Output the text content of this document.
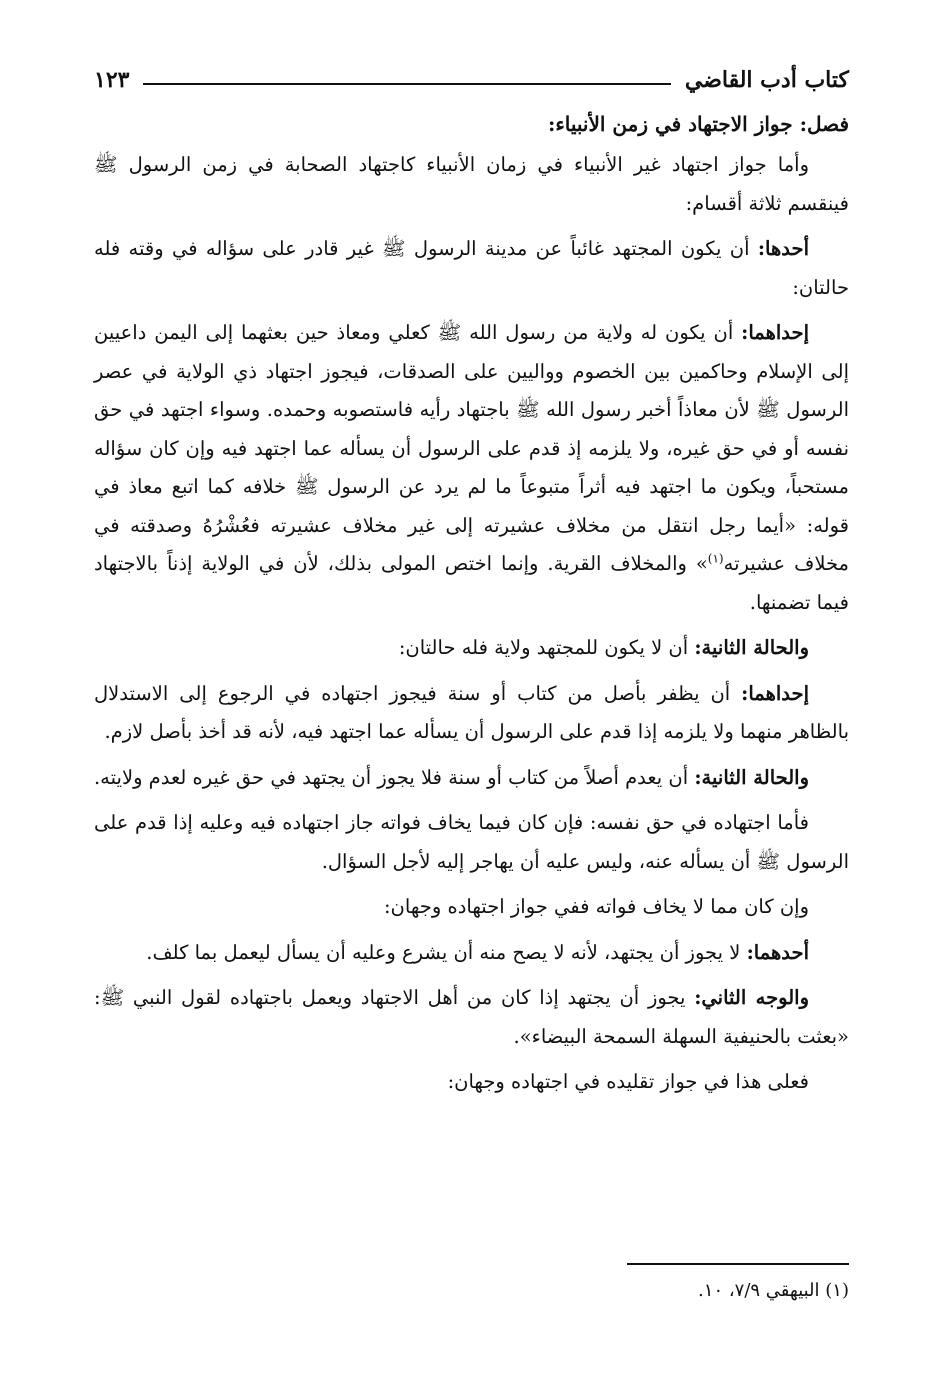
كتاب أدب القاضي
١٢٣
فصل: جواز الاجتهاد في زمن الأنبياء:

وأما جواز اجتهاد غير الأنبياء في زمان الأنبياء كاجتهاد الصحابة في زمن الرسول ﷺ فينقسم ثلاثة أقسام:

أحدها: أن يكون المجتهد غائباً عن مدينة الرسول ﷺ غير قادر على سؤاله في وقته فله حالتان:

إحداهما: أن يكون له ولاية من رسول الله ﷺ كعلي ومعاذ حين بعثهما إلى اليمن داعيين إلى الإسلام وحاكمين بين الخصوم وواليين على الصدقات، فيجوز اجتهاد ذي الولاية في عصر الرسول ﷺ لأن معاذاً أخبر رسول الله ﷺ باجتهاد رأيه فاستصوبه وحمده. وسواء اجتهد في حق نفسه أو في حق غيره، ولا يلزمه إذ قدم على الرسول أن يسأله عما اجتهد فيه وإن كان سؤاله مستحباً، ويكون ما اجتهد فيه أثراً متبوعاً ما لم يرد عن الرسول ﷺ خلافه كما اتبع معاذ في قوله: «أيما رجل انتقل من مخلاف عشيرته إلى غير مخلاف عشيرته فعُشْرُهُ وصدقته في مخلاف عشيرته$^{(١)}$» والمخلاف القرية. وإنما اختص المولى بذلك، لأن في الولاية إذناً بالاجتهاد فيما تضمنها.

والحالة الثانية: أن لا يكون للمجتهد ولاية فله حالتان:

إحداهما: أن يظفر بأصل من كتاب أو سنة فيجوز اجتهاده في الرجوع إلى الاستدلال بالظاهر منهما ولا يلزمه إذا قدم على الرسول أن يسأله عما اجتهد فيه، لأنه قد أخذ بأصل لازم.

والحالة الثانية: أن يعدم أصلاً من كتاب أو سنة فلا يجوز أن يجتهد في حق غيره لعدم ولايته.

فأما اجتهاده في حق نفسه: فإن كان فيما يخاف فواته جاز اجتهاده فيه وعليه إذا قدم على الرسول ﷺ أن يسأله عنه، وليس عليه أن يهاجر إليه لأجل السؤال.

وإن كان مما لا يخاف فواته ففي جواز اجتهاده وجهان:

أحدهما: لا يجوز أن يجتهد، لأنه لا يصح منه أن يشرع وعليه أن يسأل ليعمل بما كلف.

والوجه الثاني: يجوز أن يجتهد إذا كان من أهل الاجتهاد ويعمل باجتهاده لقول النبي ﷺ: «بعثت بالحنيفية السهلة السمحة البيضاء».

فعلى هذا في جواز تقليده في اجتهاده وجهان:

(١) البيهقي ٧/٩، ١٠.
